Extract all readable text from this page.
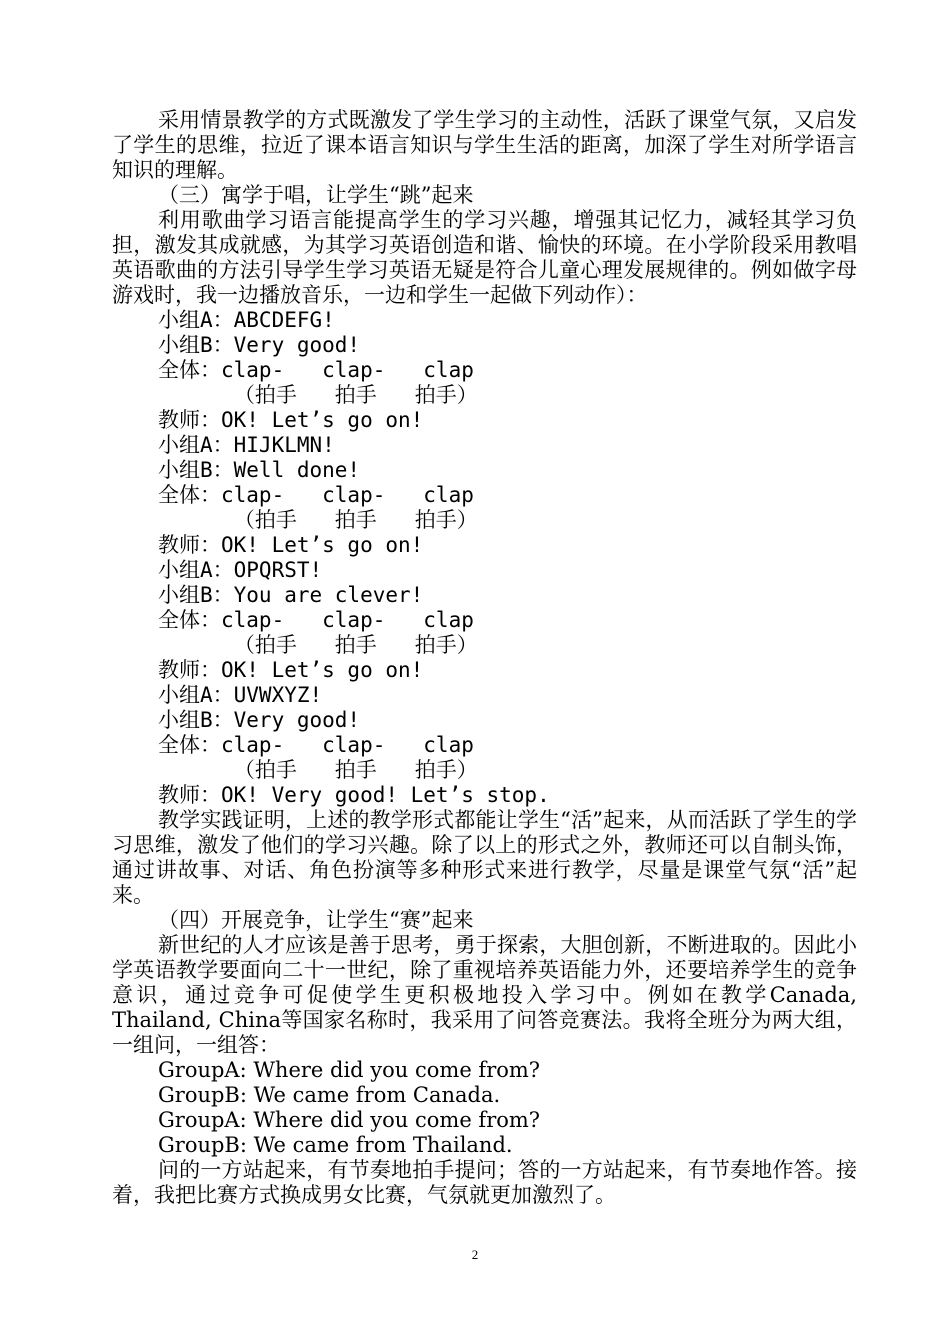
采用情景教学的方式既激发了学生学习的主动性，活跃了课堂气氛，又启发了学生的思维，拉近了课本语言知识与学生生活的距离，加深了学生对所学语言知识的理解。

（三）寓学于唱，让学生“跳”起来

利用歌曲学习语言能提高学生的学习兴趣，增强其记忆力，减轻其学习负担，激发其成就感，为其学习英语创造和谐、愉快的环境。在小学阶段采用教唱英语歌曲的方法引导学生学习英语无疑是符合儿童心理发展规律的。例如做字母游戏时，我一边播放音乐，一边和学生一起做下列动作）：

小组A：ABCDEFG!

小组B：Very good!

全体：clap-   clap-   clap

（拍手   拍手   拍手）

教师：OK! Let’s go on!

小组A：HIJKLMN!

小组B：Well done!

全体：clap-   clap-   clap

（拍手   拍手   拍手）

教师：OK! Let’s go on!

小组A：OPQRST!

小组B：You are clever!

全体：clap-   clap-   clap

（拍手   拍手   拍手）

教师：OK! Let’s go on!

小组A：UVWXYZ!

小组B：Very good!

全体：clap-   clap-   clap

（拍手   拍手   拍手）

教师：OK! Very good! Let’s stop.

教学实践证明，上述的教学形式都能让学生“活”起来，从而活跃了学生的学习思维，激发了他们的学习兴趣。除了以上的形式之外，教师还可以自制头饰，通过讲故事、对话、角色扮演等多种形式来进行教学，尽量是课堂气氛“活”起来。

（四）开展竞争，让学生“赛”起来

新世纪的人才应该是善于思考，勇于探索，大胆创新，不断进取的。因此小学英语教学要面向二十一世纪，除了重视培养英语能力外，还要培养学生的竞争意识，通过竞争可促使学生更积极地投入学习中。例如在教学Canada, Thailand, China等国家名称时，我采用了问答竞赛法。我将全班分为两大组，一组问，一组答：

GroupA: Where did you come from?

GroupB: We came from Canada.

GroupA: Where did you come from?

GroupB: We came from Thailand.

问的一方站起来，有节奏地拍手提问；答的一方站起来，有节奏地作答。接着，我把比赛方式换成男女比赛，气氛就更加激烈了。

2
